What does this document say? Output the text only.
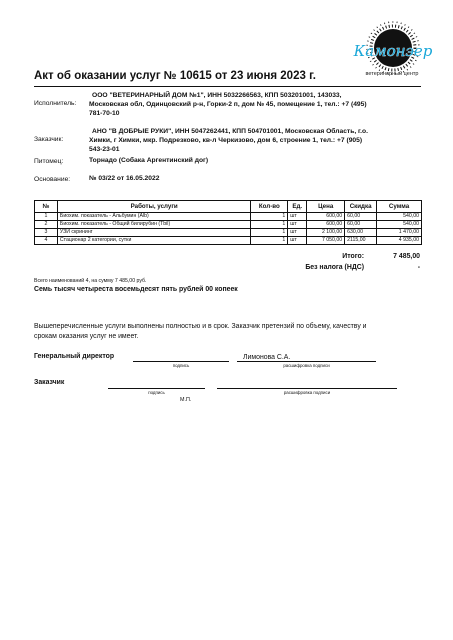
Камонэер
ветеринарный центр
Акт об оказании услуг № 10615 от 23 июня 2023 г.
Исполнитель:
ООО "ВЕТЕРИНАРНЫЙ ДОМ №1", ИНН 5032266563, КПП 503201001, 143033,
Московская обл, Одинцовский р-н, Горки-2 п, дом № 45, помещение 1, тел.: +7 (495)
781-70-10
Заказчик:
АНО "В ДОБРЫЕ РУКИ", ИНН 5047262441, КПП 504701001, Московская Область, г.о.
Химки, г Химки, мкр. Подрезково, кв-л Черкизово, дом 6, строение 1, тел.: +7 (905)
543-23-01
Питомец:	Торнадо (Собака Аргентинский дог)
Основание:	№ 03/22 от 16.05.2022
№	Работы, услуги	Кол-во	Ед.	Цена	Скидка	Сумма
1	Биохим. показатель - Альбумин (Alb)	1	шт	600,00	60,00	540,00
2	Биохим. показатель - Общий билирубин (Tbil)	1	шт	600,00	60,00	540,00
3	УЗИ скрининг	1	шт	2 100,00	630,00	1 470,00
4	Стационар 2 категории, сутки	1	шт	7 050,00	2115,00	4 935,00
Итого:	7 485,00
Без налога (НДС)	-
Всего наименований 4, на сумму 7 485,00 руб.
Семь тысяч четыреста восемьдесят пять рублей 00 копеек
Вышеперечисленные услуги выполнены полностью и в срок. Заказчик претензий по объему, качеству и
срокам оказания услуг не имеет.
Генеральный директор
подпись
Лимонова С.А.
расшифровка подписи
Заказчик
подпись	расшифровка подписи
М.П.
